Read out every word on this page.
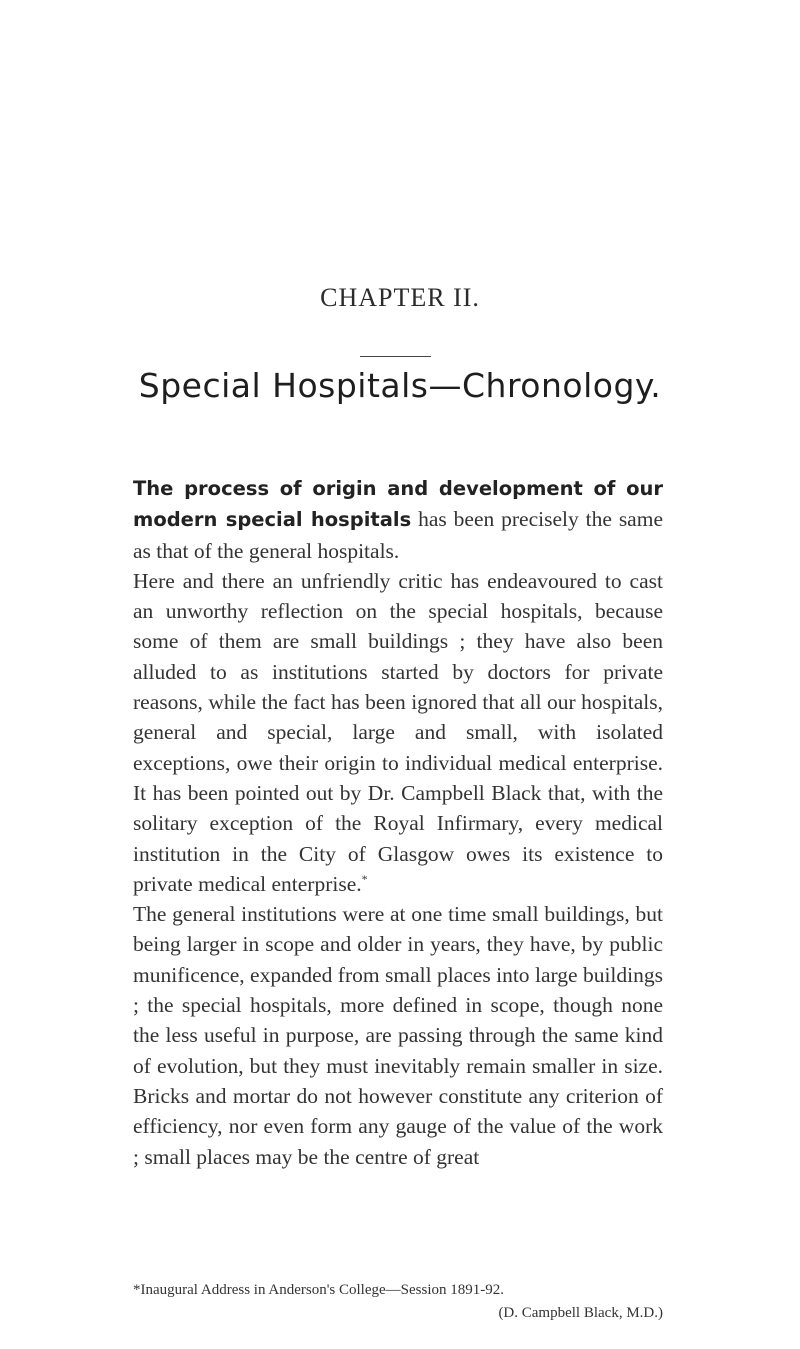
CHAPTER II.
Special Hospitals—Chronology.

The process of origin and development of our modern special hospitals has been precisely the same as that of the general hospitals.

Here and there an unfriendly critic has endeavoured to cast an unworthy reflection on the special hospitals, because some of them are small buildings ; they have also been alluded to as institutions started by doctors for private reasons, while the fact has been ignored that all our hospitals, general and special, large and small, with isolated exceptions, owe their origin to individual medical enterprise. It has been pointed out by Dr. Campbell Black that, with the solitary exception of the Royal Infirmary, every medical institution in the City of Glasgow owes its existence to private medical enterprise.*

The general institutions were at one time small buildings, but being larger in scope and older in years, they have, by public munificence, expanded from small places into large buildings ; the special hospitals, more defined in scope, though none the less useful in purpose, are passing through the same kind of evolution, but they must inevitably remain smaller in size. Bricks and mortar do not however constitute any criterion of efficiency, nor even form any gauge of the value of the work ; small places may be the centre of great

*Inaugural Address in Anderson's College—Session 1891-92.
(D. Campbell Black, M.D.)
